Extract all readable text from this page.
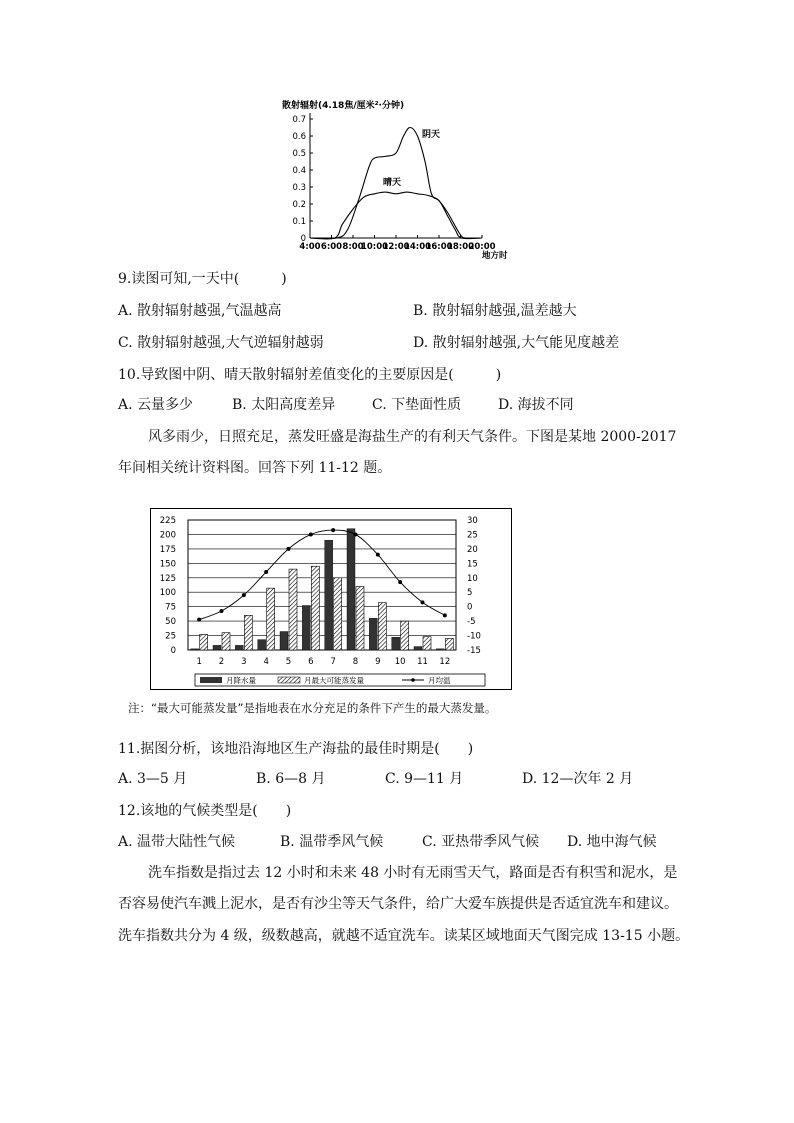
散射辐射(4.18焦/厘米²·分钟)
0.7
0.6
0.5
0.4
0.3
0.2
0.1
0
4:00 6:00 8:00
10:00
12:00
14:00
16:00
18:00
20:00
阴天
晴天
地方时
9.读图可知,一天中(　　　)
A. 散射辐射越强,气温越高	B. 散射辐射越强,温差越大
C. 散射辐射越强,大气逆辐射越弱	D. 散射辐射越强,大气能见度越差
10.导致图中阴、晴天散射辐射差值变化的主要原因是(　　　)
A. 云量多少	B. 太阳高度差异	C. 下垫面性质	D. 海拔不同
风多雨少，日照充足，蒸发旺盛是海盐生产的有利天气条件。下图是某地 2000-2017
年间相关统计资料图。回答下列 11-12 题。
225
200
175
150
125
100
75
50
25
0
30
25
20
15
10
5
0
-5
-10
-15
1 2 3 4 5 6 7 8 9 10 11 12
月降水量	月最大可能蒸发量	月均温
注：“最大可能蒸发量”是指地表在水分充足的条件下产生的最大蒸发量。
11.据图分析，该地沿海地区生产海盐的最佳时期是(　　)
A. 3—5 月	B. 6—8 月	C. 9—11 月	D. 12—次年 2 月
12.该地的气候类型是(　　)
A. 温带大陆性气候	B. 温带季风气候	C. 亚热带季风气候 D. 地中海气候
洗车指数是指过去 12 小时和未来 48 小时有无雨雪天气，路面是否有积雪和泥水，是
否容易使汽车溅上泥水，是否有沙尘等天气条件，给广大爱车族提供是否适宜洗车和建议。
洗车指数共分为 4 级，级数越高，就越不适宜洗车。读某区域地面天气图完成 13-15 小题。
